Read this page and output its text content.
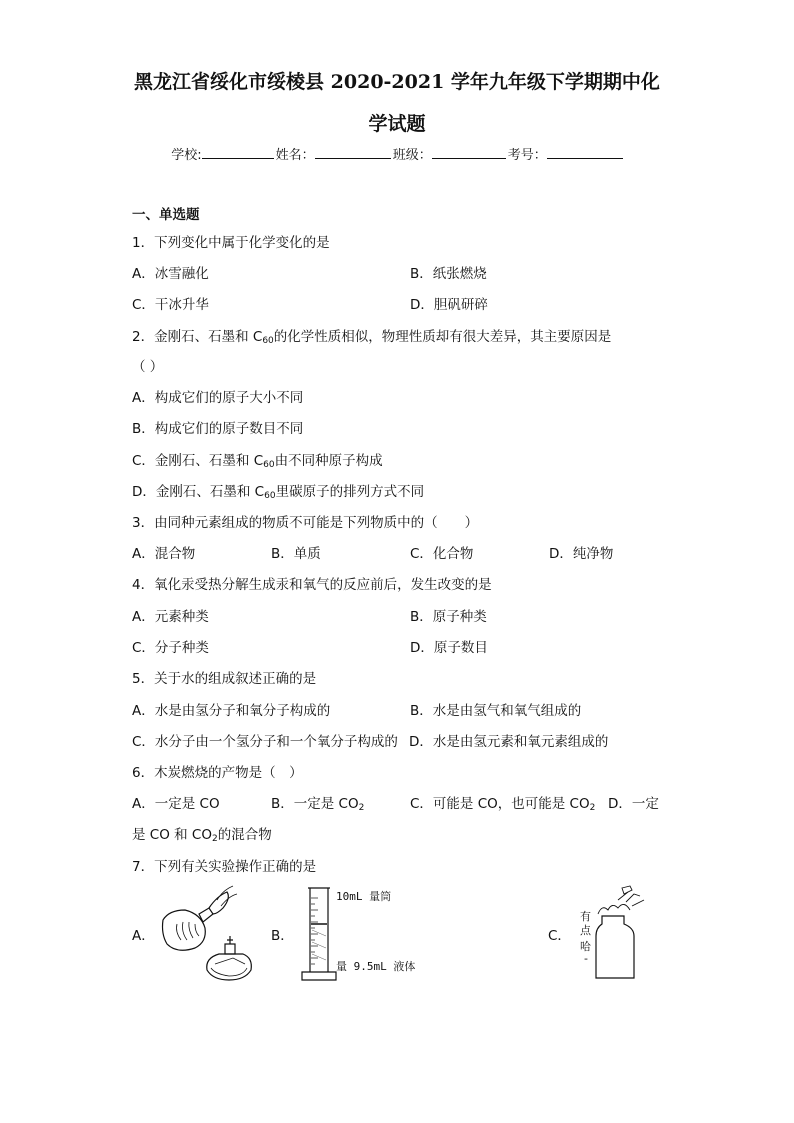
黑龙江省绥化市绥棱县 2020-2021 学年九年级下学期期中化
学试题
学校:	姓名：	班级：	考号：
一、单选题
1．下列变化中属于化学变化的是
A．冰雪融化	B．纸张燃烧
C．干冰升华	D．胆矾研碎
2．金刚石、石墨和 $C_{60}$的化学性质相似，物理性质却有很大差异，其主要原因是
（ ）
A．构成它们的原子大小不同
B．构成它们的原子数目不同
C．金刚石、石墨和 $C_{60}$由不同种原子构成
D．金刚石、石墨和 $C_{60}$里碳原子的排列方式不同
3．由同种元素组成的物质不可能是下列物质中的（　　）
A．混合物	B．单质	C．化合物	D．纯净物
4．氧化汞受热分解生成汞和氧气的反应前后，发生改变的是
A．元素种类	B．原子种类
C．分子种类	D．原子数目
5．关于水的组成叙述正确的是
A．水是由氢分子和氧分子构成的	B．水是由氢气和氧气组成的
C．水分子由一个氢分子和一个氧分子构成的 D．水是由氢元素和氧元素组成的
6．木炭燃烧的产物是（　）
A．一定是 CO	B．一定是 $CO_2$	C．可能是 CO，也可能是 $CO_2$ D．一定
是 CO 和 $CO_2$的混合物
7．下列有关实验操作正确的是
A．	B．
10mL 量筒
量 9.5mL 液体
C．
有
点
哈
-
